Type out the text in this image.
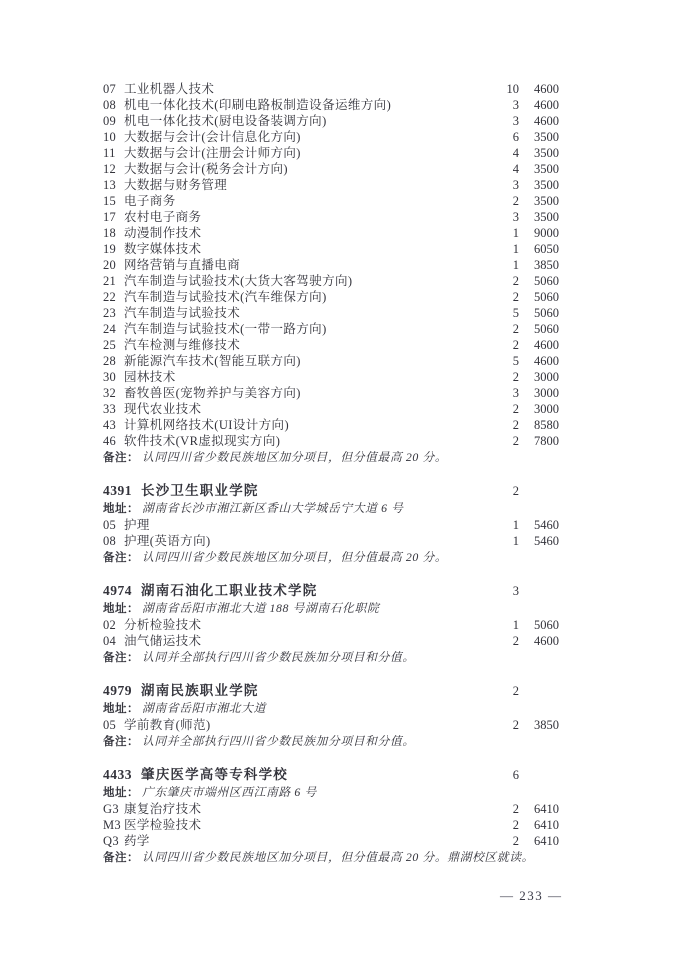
07 工业机器人技术	10	4600
08 机电一体化技术(印刷电路板制造设备运维方向)	3	4600
09 机电一体化技术(厨电设备装调方向)	3	4600
10 大数据与会计(会计信息化方向)	6	3500
11 大数据与会计(注册会计师方向)	4	3500
12 大数据与会计(税务会计方向)	4	3500
13 大数据与财务管理	3	3500
15 电子商务	2	3500
17 农村电子商务	3	3500
18 动漫制作技术	1	9000
19 数字媒体技术	1	6050
20 网络营销与直播电商	1	3850
21 汽车制造与试验技术(大货大客驾驶方向)	2	5060
22 汽车制造与试验技术(汽车维保方向)	2	5060
23 汽车制造与试验技术	5	5060
24 汽车制造与试验技术(一带一路方向)	2	5060
25 汽车检测与维修技术	2	4600
28 新能源汽车技术(智能互联方向)	5	4600
30 园林技术	2	3000
32 畜牧兽医(宠物养护与美容方向)	3	3000
33 现代农业技术	2	3000
43 计算机网络技术(UI设计方向)	2	8580
46 软件技术(VR虚拟现实方向)	2	7800
备注： 认同四川省少数民族地区加分项目，但分值最高 20 分。
4391 长沙卫生职业学院	2
地址： 湖南省长沙市湘江新区香山大学城岳宁大道 6 号
05 护理	1	5460
08 护理(英语方向)	1	5460
备注： 认同四川省少数民族地区加分项目，但分值最高 20 分。
4974 湖南石油化工职业技术学院	3
地址： 湖南省岳阳市湘北大道 188 号湖南石化职院
02 分析检验技术	1	5060
04 油气储运技术	2	4600
备注： 认同并全部执行四川省少数民族加分项目和分值。
4979 湖南民族职业学院	2
地址： 湖南省岳阳市湘北大道
05 学前教育(师范)	2	3850
备注： 认同并全部执行四川省少数民族加分项目和分值。
4433 肇庆医学高等专科学校	6
地址： 广东肇庆市端州区西江南路 6 号
G3 康复治疗技术	2	6410
M3 医学检验技术	2	6410
Q3 药学	2	6410
备注： 认同四川省少数民族地区加分项目，但分值最高 20 分。鼎湖校区就读。
— 233 —
